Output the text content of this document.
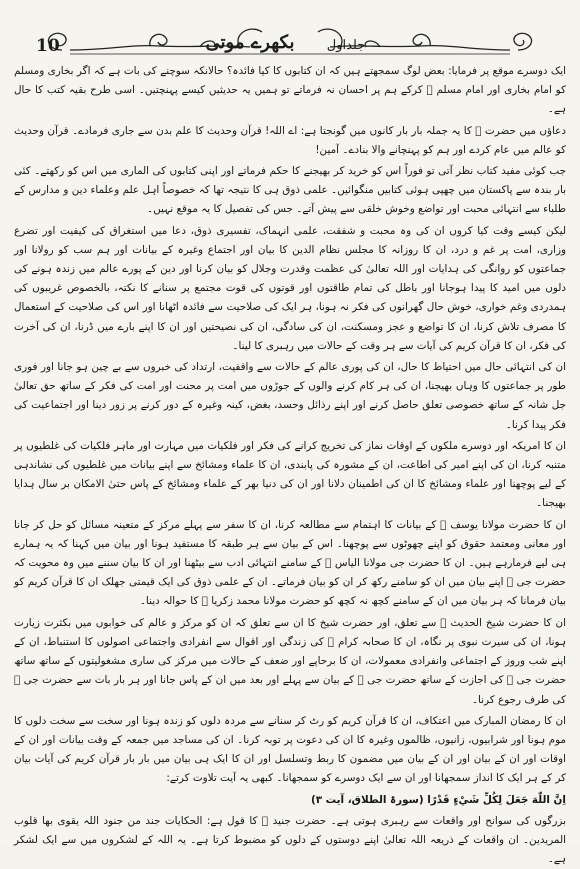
10	جلداول
بکھرے موتی

ایک دوسرے موقع پر فرمایا: بعض لوگ سمجھتے ہیں کہ ان کتابوں کا کیا فائدہ؟ حالانکہ سوچنے کی بات ہے کہ اگر بخاری ومسلم کو امام بخاری اور امام مسلم ﷫ کرکے ہم پر احسان نہ فرماتے تو ہمیں یہ حدیثیں کیسے پہنچتیں۔ اسی طرح بقیہ کتب کا حال ہے۔

دعاؤں میں حضرت ﷫ کا یہ جملہ بار بار کانوں میں گونجتا ہے: اے اللہ! قرآن وحدیث کا علم بدن سے جاری فرمادے۔ قرآن وحدیث کو عالم میں عام کردے اور ہم کو پہنچانے والا بنادے۔ آمین!

جب کوئی مفید کتاب نظر آتی تو فوراً اس کو خرید کر بھیجنے کا حکم فرماتے اور اپنی کتابوں کی الماری میں اس کو رکھتے۔ کئی بار بندہ سے پاکستان میں چھپی ہوئی کتابیں منگوائیں۔ علمی ذوق ہی کا نتیجہ تھا کہ خصوصاً اہل علم وعلماء دین و مدارس کے طلباء سے انتہائی محبت اور تواضع وخوش خلقی سے پیش آتے۔ جس کی تفصیل کا یہ موقع نہیں۔

لیکن کیسے وقت کیا کروں ان کی وہ محبت و شفقت، علمی انہماک، تفسیری ذوق، دعا میں استغراق کی کیفیت اور تضرع وزاری، امت پر غم و درد، ان کا روزانہ کا مجلس نظام الدین کا بیان اور اجتماع وغیرہ کے بیانات اور ہم سب کو رولانا اور جماعتوں کو روانگی کی ہدایات اور اللہ تعالیٰ کی عظمت وقدرت وجلال کو بیان کرنا اور دین کے پورے عالم میں زندہ ہونے کی دلوں میں امید کا پیدا ہوجانا اور باطل کی تمام طاقتوں اور قوتوں کی قوت مجتمع پر سنانے کا نکتہ، بالخصوص غریبوں کی ہمدردی وغم خواری، خوش حال گھرانوں کی فکر نہ ہونا، ہر ایک کی صلاحیت سے فائدہ اٹھانا اور اس کی صلاحیت کے استعمال کا مصرف تلاش کرنا، ان کا تواضع و عجز ومسکنت، ان کی سادگی، ان کی نصیحتیں اور ان کا اپنے بارے میں ڈرنا، ان کی آخرت کی فکر، ان کا قرآن کریم کی آیات سے ہر وقت کے حالات میں رہبری کا لینا۔

ان کی انتہائی حال میں احتیاط کا حال، ان کی پوری عالم کے حالات سے واقفیت، ارتداد کی خبروں سے بے چین ہو جانا اور فوری طور پر جماعتوں کا وہاں بھیجنا، ان کی ہر کام کرنے والوں کے جوڑوں میں امت پر محنت اور امت کی فکر کے ساتھ حق تعالیٰ جل شانہ کے ساتھ خصوصی تعلق حاصل کرنے اور اپنے رذائل وحسد، بغض، کینہ وغیرہ کے دور کرنے پر زور دینا اور اجتماعیت کی فکر پیدا کرنا۔

ان کا امریکہ اور دوسرے ملکوں کے اوقات نماز کی تخریج کرانے کی فکر اور فلکیات میں مہارت اور ماہر فلکیات کی غلطیوں پر متنبہ کرنا، ان کی اپنے امیر کی اطاعت، ان کے مشورہ کی پابندی، ان کا علماء ومشائخ سے اپنے بیانات میں غلطیوں کی نشاندہی کے لیے پوچھنا اور علماء ومشائخ کا ان کی اطمینان دلانا اور ان کی دنیا بھر کے علماء ومشائخ کے پاس حتیٰ الامکان بر سال ہدایا بھیجنا۔

ان کا حضرت مولانا یوسف ﷫ کے بیانات کا اہتمام سے مطالعہ کرنا، ان کا سفر سے پہلے مرکز کے متعینہ مسائل کو حل کر جانا اور معانی ومعتمد حقوق کو اپنے چھوٹوں سے پوچھنا۔ اس کے بیان سے ہر طبقہ کا مستفید ہونا اور بیان میں کہنا کہ یہ ہمارے ہی لیے فرمارہے ہیں۔ ان کا حضرت جی مولانا الیاس ﷫ کے سامنے انتہائی ادب سے بیٹھنا اور ان کا بیان سننے میں وہ محویت کہ حضرت جی ﷫ اپنے بیان میں ان کو سامنے رکھ کر ان کو بیان فرماتے۔ ان کے علمی ذوق کی ایک قیمتی جھلک ان کا قرآن کریم کو بیان فرمانا کہ ہر بیان میں ان کے سامنے کچھ نہ کچھ کو حضرت مولانا محمد زکریا ﷫ کا حوالہ دینا۔

ان کا حضرت شیخ الحدیث ﷫ سے تعلق، اور حضرت شیخ کا ان سے تعلق کہ ان کو مرکز و عالم کی خوابوں میں بکثرت زیارت ہونا، ان کی سیرت نبوی پر نگاہ، ان کا صحابہ کرام ﷢ کی زندگی اور اقوال سے انفرادی واجتماعی اصولوں کا استنباط، ان کے اپنے شب وروز کے اجتماعی وانفرادی معمولات، ان کا برحاپے اور ضعف کے حالات میں مرکز کی ساری مشغولیتوں کے ساتھ ساتھ حضرت جی ﷫ کی اجازت کے ساتھ حضرت جی ﷫ کے بیان سے پہلے اور بعد میں ان کے پاس جانا اور ہر بار بات سے حضرت جی ﷫ کی طرف رجوع کرنا۔

ان کا رمضان المبارک میں اعتکاف، ان کا قرآن کریم کو رٹ کر سنانے سے مردہ دلوں کو زندہ ہونا اور سخت سے سخت دلوں کا موم ہونا اور شرابیوں، زانیوں، ظالموں وغیرہ کا ان کی دعوت پر توبہ کرنا۔ ان کی مساجد میں جمعہ کے وقت بیانات اور ان کے اوقات اور ان کے بیان اور ان کے بیان میں مضمون کا ربط وتسلسل اور ان کا ایک ہی بیان میں بار بار قرآن کریم کی آیات بیان کر کے ہر ایک کا انداز سمجھانا اور ان سے ایک دوسرے کو سمجھانا۔ کبھی یہ آیت تلاوت کرتے:

اِنَّ اللّٰهَ جَعَلَ لِكُلِّ شَيْءٍ قَدْرًا (سورۃ الطلاق، آیت ۳)

بزرگوں کی سوانح اور واقعات سے رہبری ہوتی ہے۔ حضرت جنید ﷫ کا قول ہے: الحکایات جند من جنود اللہ یقوی بھا قلوب المریدین۔ ان واقعات کے ذریعہ اللہ تعالیٰ اپنے دوستوں کے دلوں کو مضبوط کرتا ہے۔ یہ اللہ کے لشکروں میں سے ایک لشکر ہے۔
